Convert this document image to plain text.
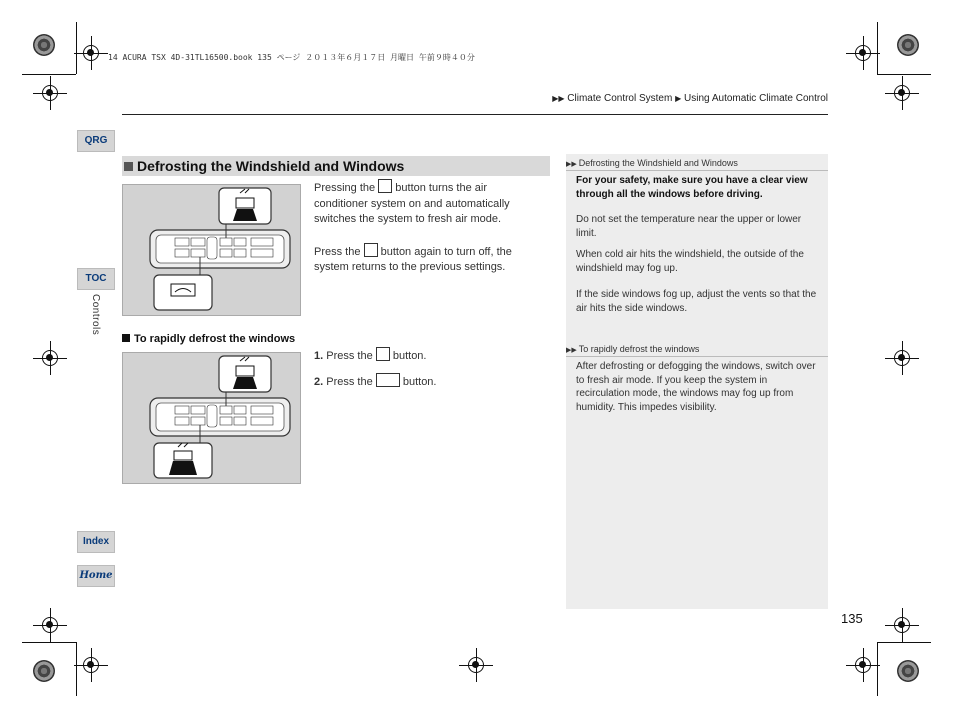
14 ACURA TSX 4D-31TL16500.book 135 ページ ２０１３年６月１７日 月曜日 午前９時４０分
▶▶ Climate Control System ▶ Using Automatic Climate Control
QRG
TOC
Controls
Index
Home
Defrosting the Windshield and Windows
Pressing the button turns the air
conditioner system on and automatically
switches the system to fresh air mode.
Press the button again to turn off, the
system returns to the previous settings.
To rapidly defrost the windows
1. Press the button.
2. Press the	button.
▶▶ Defrosting the Windshield and Windows
For your safety, make sure you have a clear view through all the windows before driving.
Do not set the temperature near the upper or lower limit.
When cold air hits the windshield, the outside of the windshield may fog up.
If the side windows fog up, adjust the vents so that the air hits the side windows.
▶▶ To rapidly defrost the windows
After defrosting or defogging the windows, switch over to fresh air mode. If you keep the system in recirculation mode, the windows may fog up from humidity. This impedes visibility.
135
